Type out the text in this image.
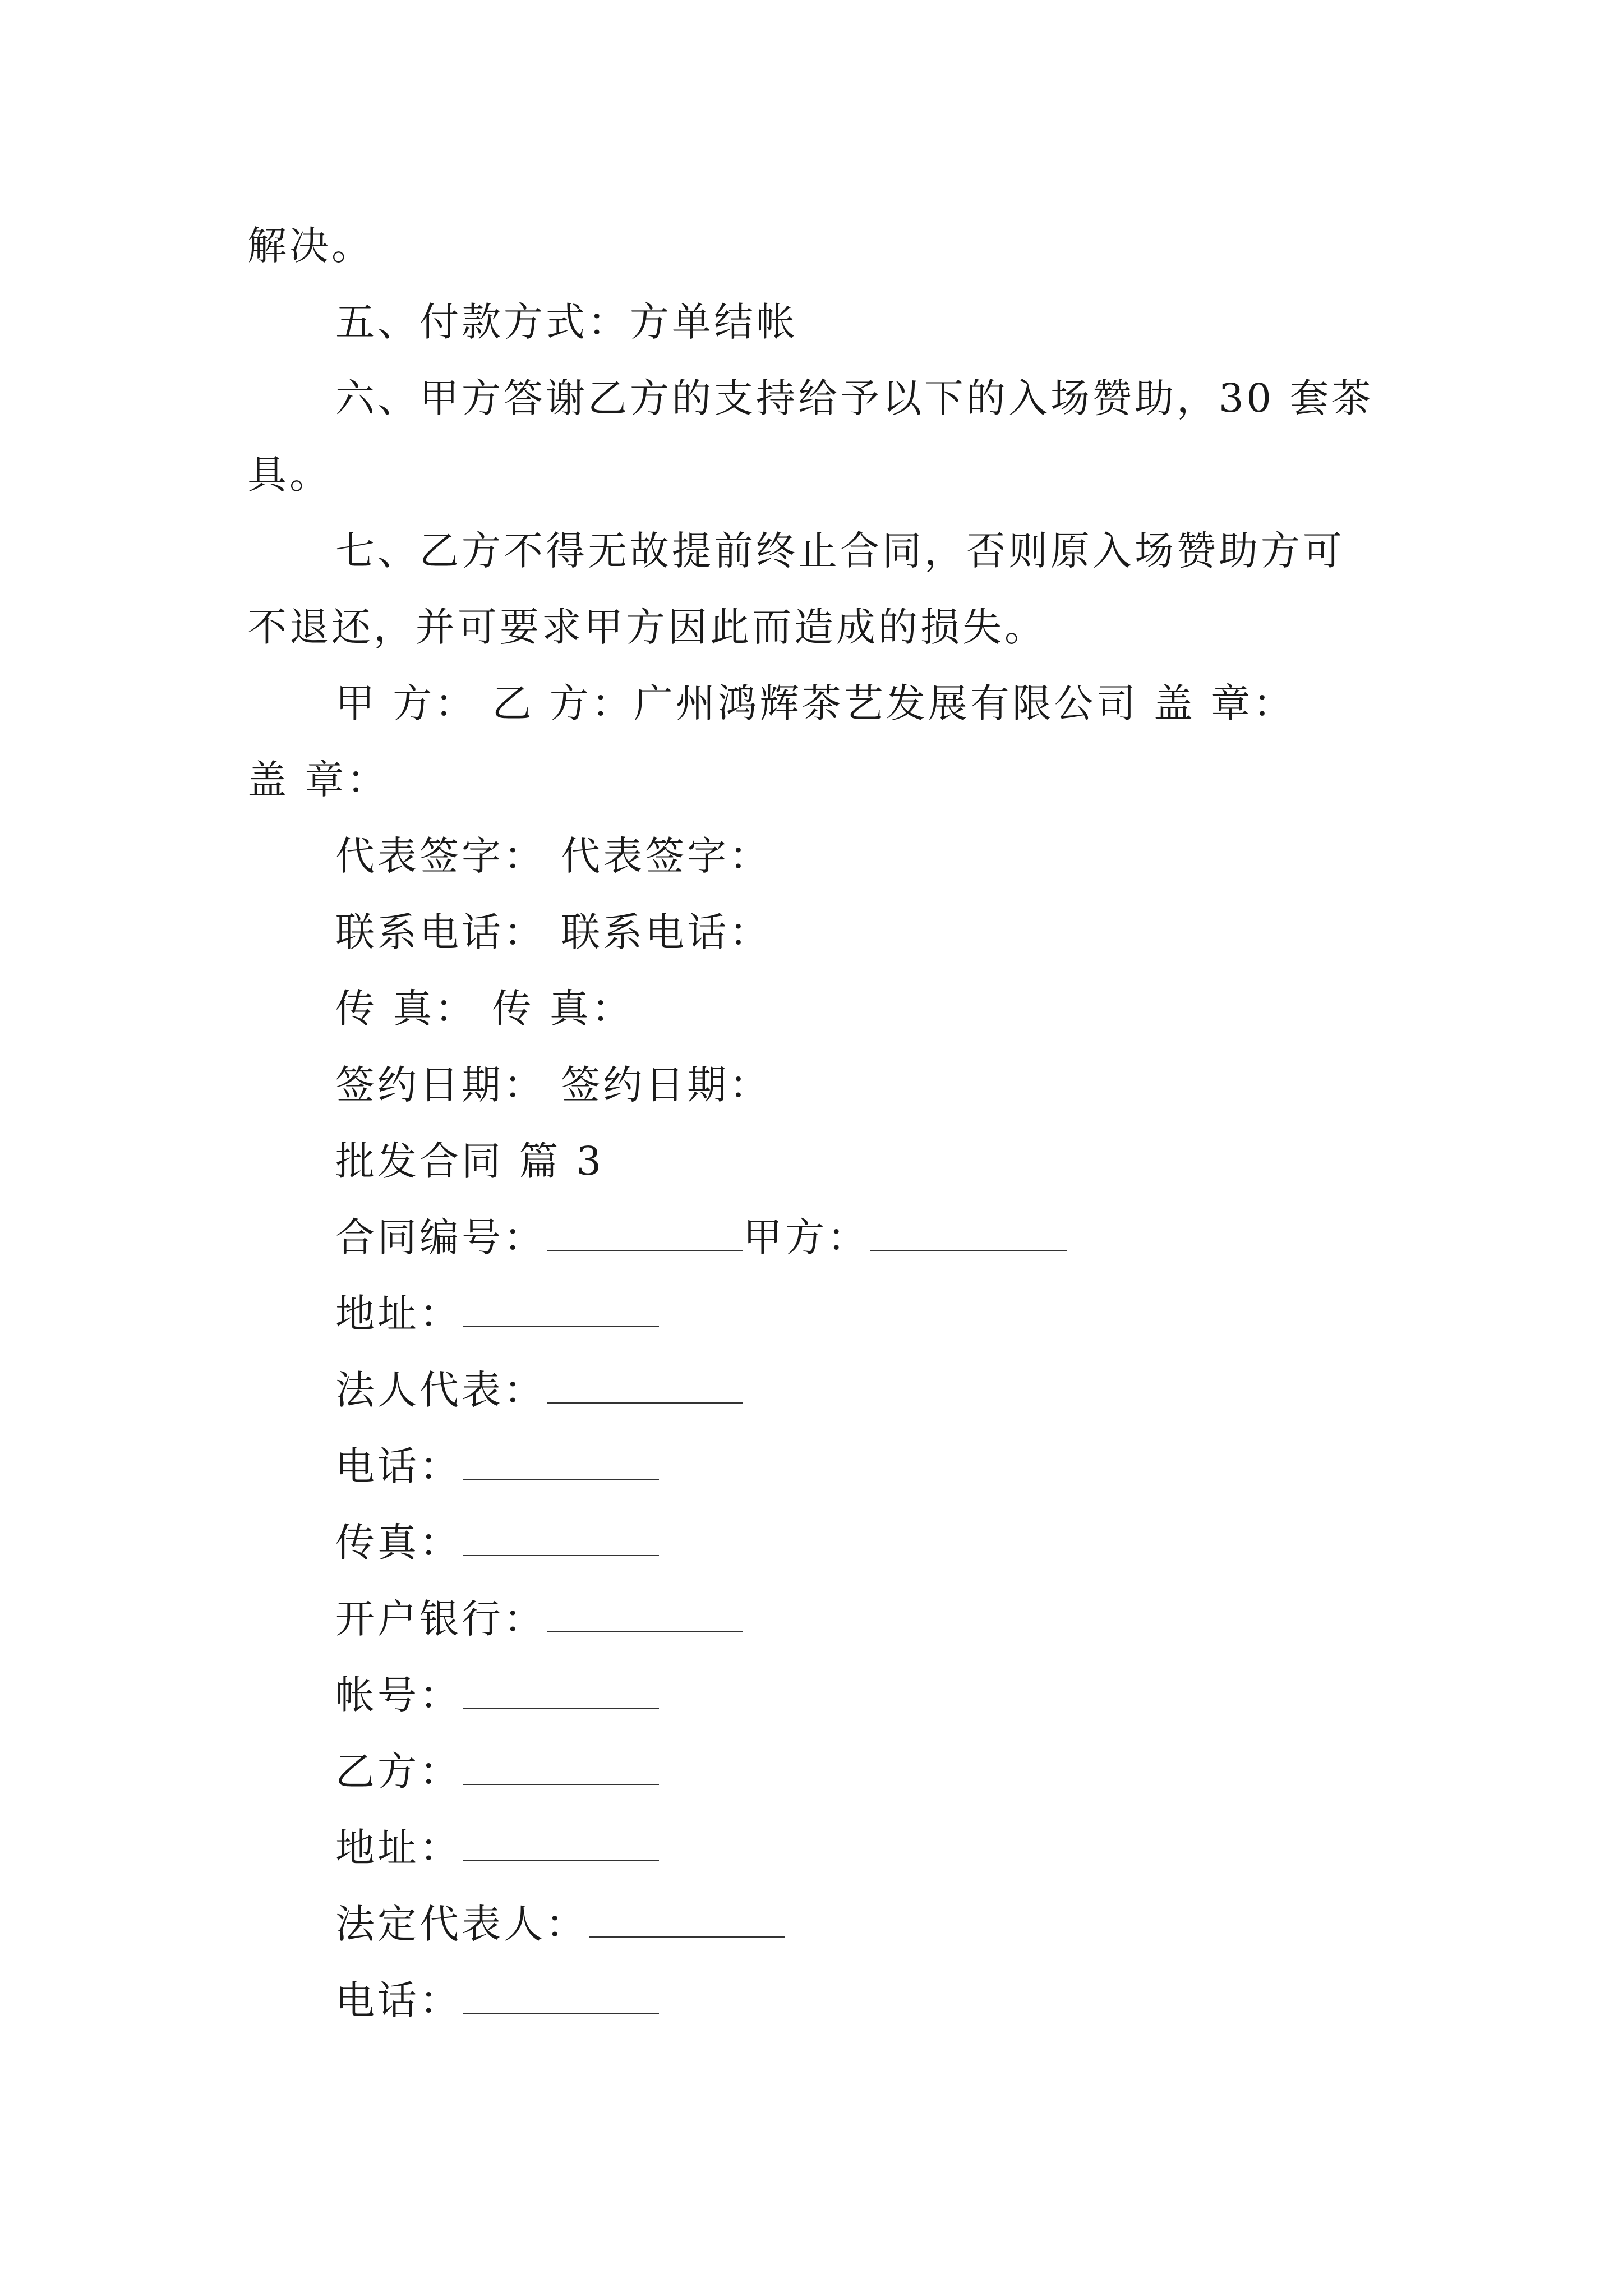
解决。
五、付款方式：方单结帐
六、甲方答谢乙方的支持给予以下的入场赞助，30 套茶
具。
七、乙方不得无故提前终止合同，否则原入场赞助方可
不退还，并可要求甲方因此而造成的损失。
甲 方： 乙 方：广州鸿辉茶艺发展有限公司 盖 章：
盖 章：
代表签字： 代表签字：
联系电话： 联系电话：
传 真： 传 真：
签约日期： 签约日期：
批发合同 篇 3
合同编号：	甲方：
地址：
法人代表：
电话：
传真：
开户银行：
帐号：
乙方：
地址：
法定代表人：
电话：
